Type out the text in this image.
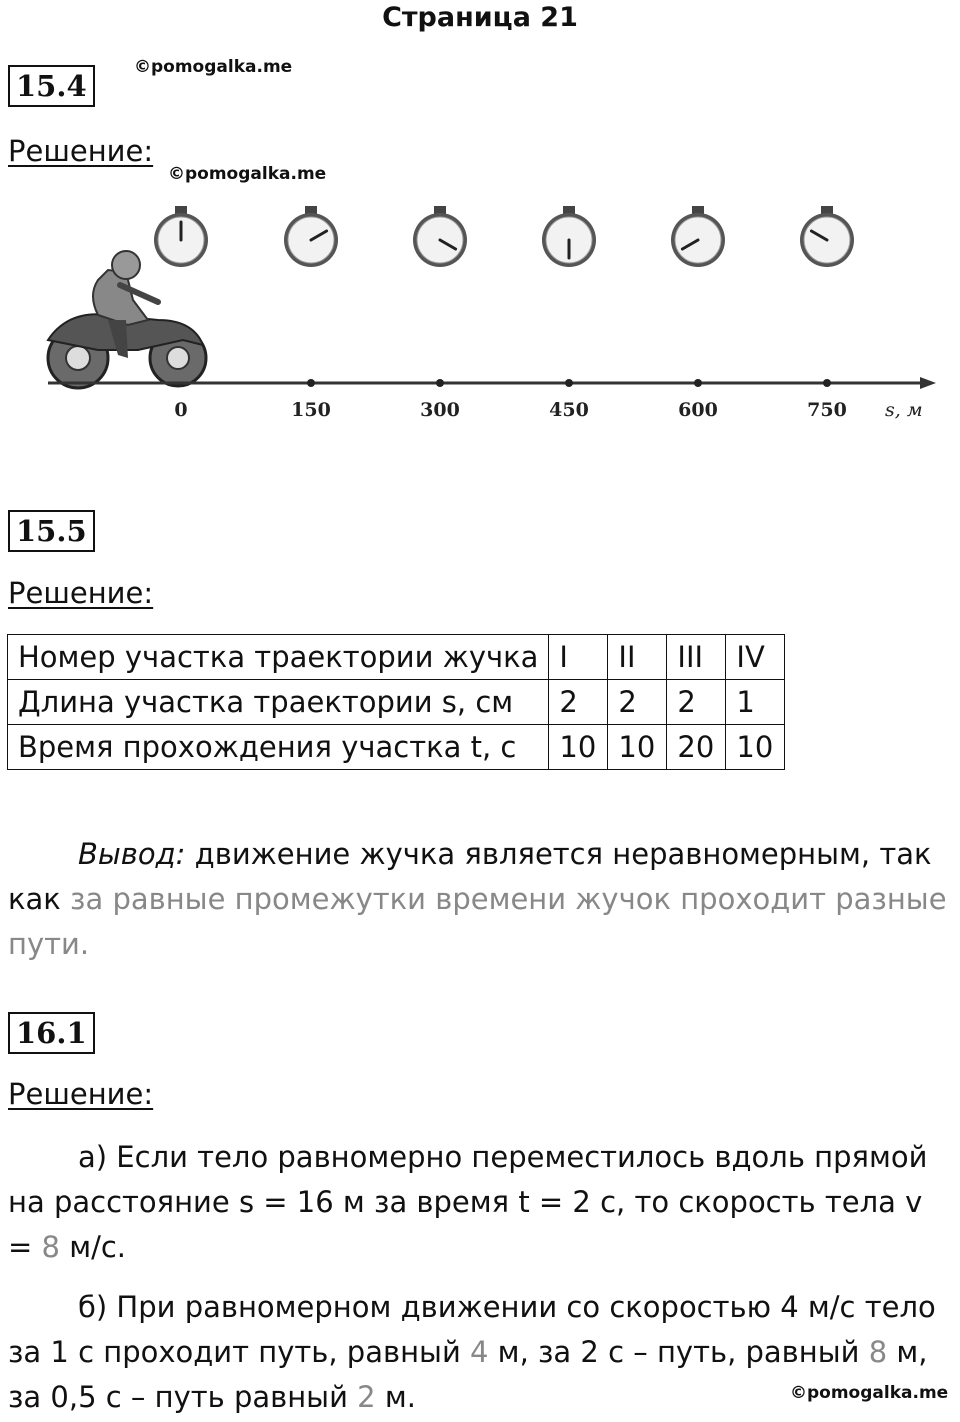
Страница 21
15.4
©pomogalka.me
Решение:
©pomogalka.me
0	150	300	450	600	750 s, м
15.5
Решение:
Номер участка траектории жучка	I	II	III	IV
Длина участка траектории s, см	2	2	2	1
Время прохождения участка t, с	10	10	20	10

Вывод: движение жучка является неравномерным, так как за равные промежутки времени жучок проходит разные пути.

16.1
Решение:

а) Если тело равномерно переместилось вдоль прямой на расстояние s = 16 м за время t = 2 с, то скорость тела v = 8 м/с.

б) При равномерном движении со скоростью 4 м/с тело за 1 с проходит путь, равный 4 м, за 2 с – путь, равный 8 м, за 0,5 с – путь равный 2 м.	©pomogalka.me
